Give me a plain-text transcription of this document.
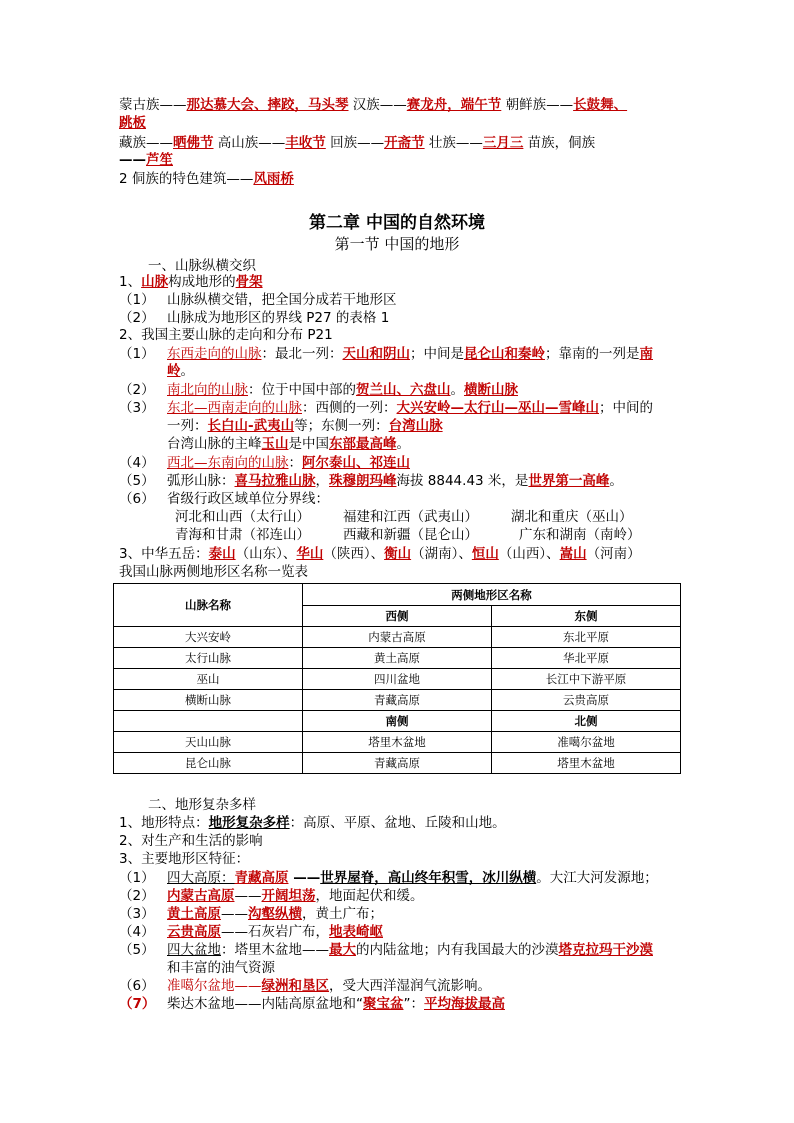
蒙古族——那达慕大会、摔跤，马头琴 汉族——赛龙舟，端午节 朝鲜族——长鼓舞、
跳板
藏族——晒佛节 高山族——丰收节 回族——开斋节 壮族——三月三 苗族，侗族
——芦笙
2 侗族的特色建筑——风雨桥
第二章 中国的自然环境
第一节 中国的地形
一、山脉纵横交织
1、山脉构成地形的骨架
（1） 山脉纵横交错，把全国分成若干地形区
（2） 山脉成为地形区的界线 P27 的表格 1
2、我国主要山脉的走向和分布 P21
（1） 东西走向的山脉：最北一列：天山和阴山；中间是昆仑山和秦岭；靠南的一列是南
岭。
（2） 南北向的山脉：位于中国中部的贺兰山、六盘山。横断山脉
（3） 东北—西南走向的山脉：西侧的一列：大兴安岭—太行山—巫山—雪峰山；中间的
一列：长白山-武夷山等；东侧一列：台湾山脉
台湾山脉的主峰玉山是中国东部最高峰。
（4） 西北—东南向的山脉：阿尔泰山、祁连山
（5） 弧形山脉：喜马拉雅山脉，珠穆朗玛峰海拔 8844.43 米，是世界第一高峰。
（6） 省级行政区域单位分界线：
河北和山西（太行山） 福建和江西（武夷山） 湖北和重庆（巫山）
青海和甘肃（祁连山） 西藏和新疆（昆仑山）	广东和湖南（南岭）
3、中华五岳：泰山（山东）、华山（陕西）、衡山（湖南）、恒山（山西）、嵩山（河南）
我国山脉两侧地形区名称一览表
山脉名称	两侧地形区名称	
	西侧	东侧
大兴安岭	内蒙古高原	东北平原
太行山脉	黄土高原	华北平原
巫山	四川盆地	长江中下游平原
横断山脉	青藏高原	云贵高原
	南侧	北侧
天山山脉	塔里木盆地	准噶尔盆地
昆仑山脉	青藏高原	塔里木盆地
二、地形复杂多样
1、地形特点：地形复杂多样：高原、平原、盆地、丘陵和山地。
2、对生产和生活的影响
3、主要地形区特征：
（1） 四大高原：青藏高原 ——世界屋脊，高山终年积雪，冰川纵横。大江大河发源地；
（2） 内蒙古高原——开阔坦荡，地面起伏和缓。
（3） 黄土高原——沟壑纵横，黄土广布；
（4） 云贵高原——石灰岩广布，地表崎岖
（5） 四大盆地：塔里木盆地——最大的内陆盆地；内有我国最大的沙漠塔克拉玛干沙漠
和丰富的油气资源
（6） 准噶尔盆地——绿洲和垦区，受大西洋湿润气流影响。
（7） 柴达木盆地——内陆高原盆地和“聚宝盆”：平均海拔最高
